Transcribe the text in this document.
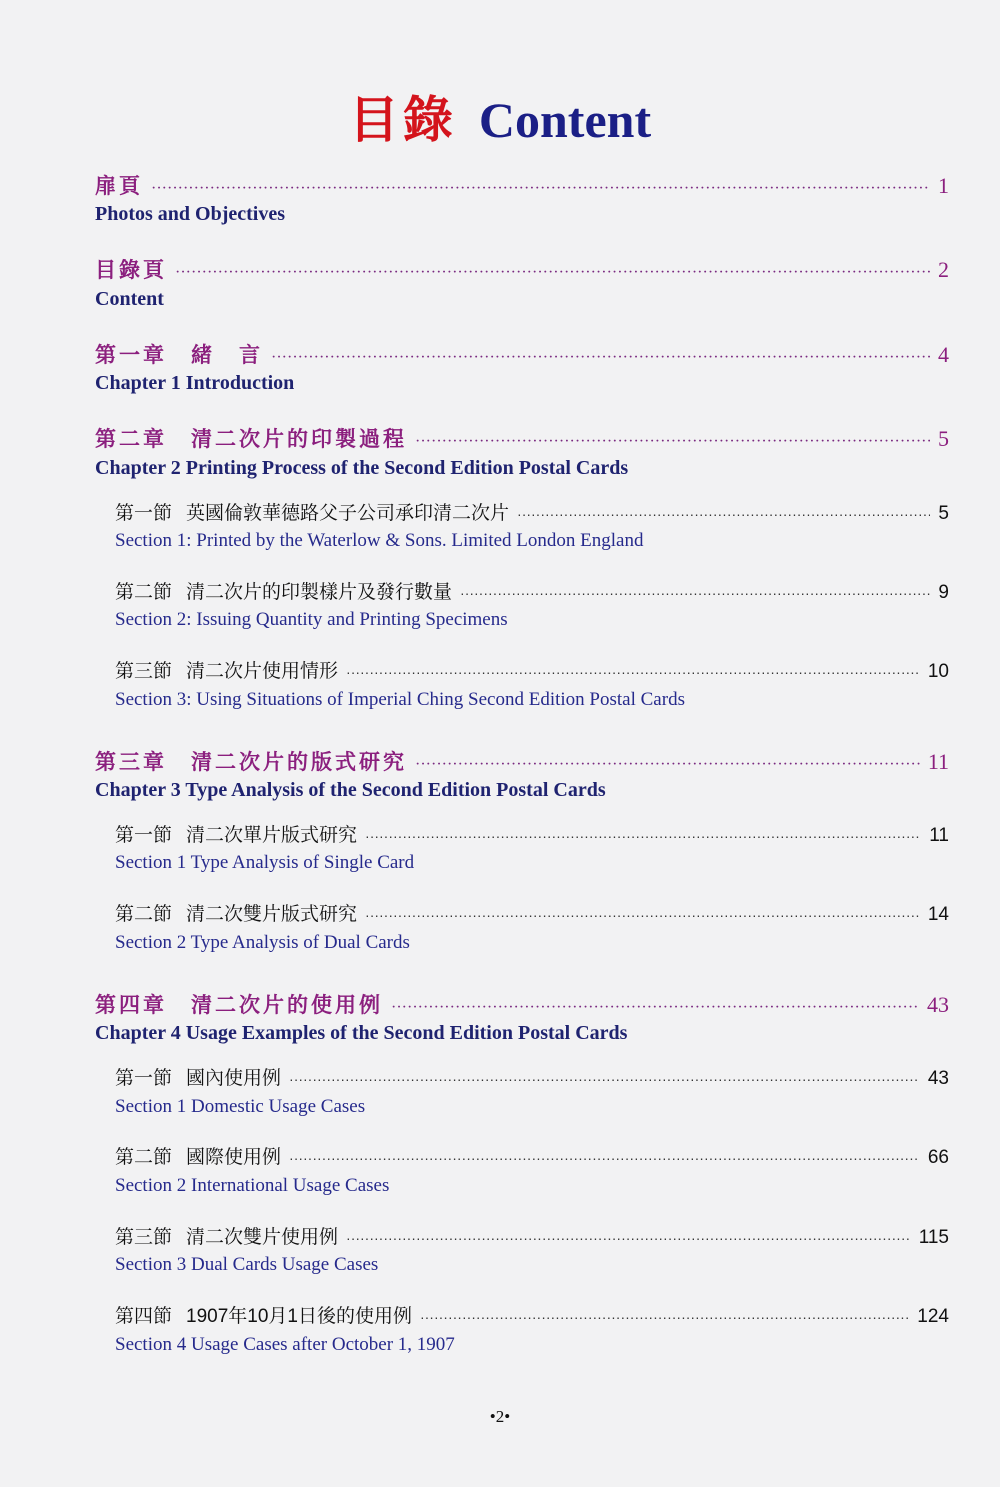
目錄 Content
扉頁 ·····	1
Photos and Objectives
目錄頁 ·····	2
Content
第一章　緒　言 ·····	4
Chapter 1 Introduction
第二章　清二次片的印製過程 ·····	5
Chapter 2 Printing Process of the Second Edition Postal Cards
第一節 英國倫敦華德路父子公司承印清二次片 ·····	5
Section 1: Printed by the Waterlow & Sons. Limited London England
第二節 清二次片的印製樣片及發行數量 ·····	9
Section 2: Issuing Quantity and Printing Specimens
第三節 清二次片使用情形 ·····	10
Section 3: Using Situations of Imperial Ching Second Edition Postal Cards
第三章　清二次片的版式研究 ·····	11
Chapter 3 Type Analysis of the Second Edition Postal Cards
第一節 清二次單片版式研究 ·····	11
Section 1 Type Analysis of Single Card
第二節 清二次雙片版式研究 ·····	14
Section 2 Type Analysis of Dual Cards
第四章　清二次片的使用例 ·····	43
Chapter 4 Usage Examples of the Second Edition Postal Cards
第一節 國內使用例 ·····	43
Section 1 Domestic Usage Cases
第二節 國際使用例 ·····	66
Section 2 International Usage Cases
第三節 清二次雙片使用例 ·····	115
Section 3 Dual Cards Usage Cases
第四節 1907年10月1日後的使用例 ·····	124
Section 4 Usage Cases after October 1, 1907
•2•
